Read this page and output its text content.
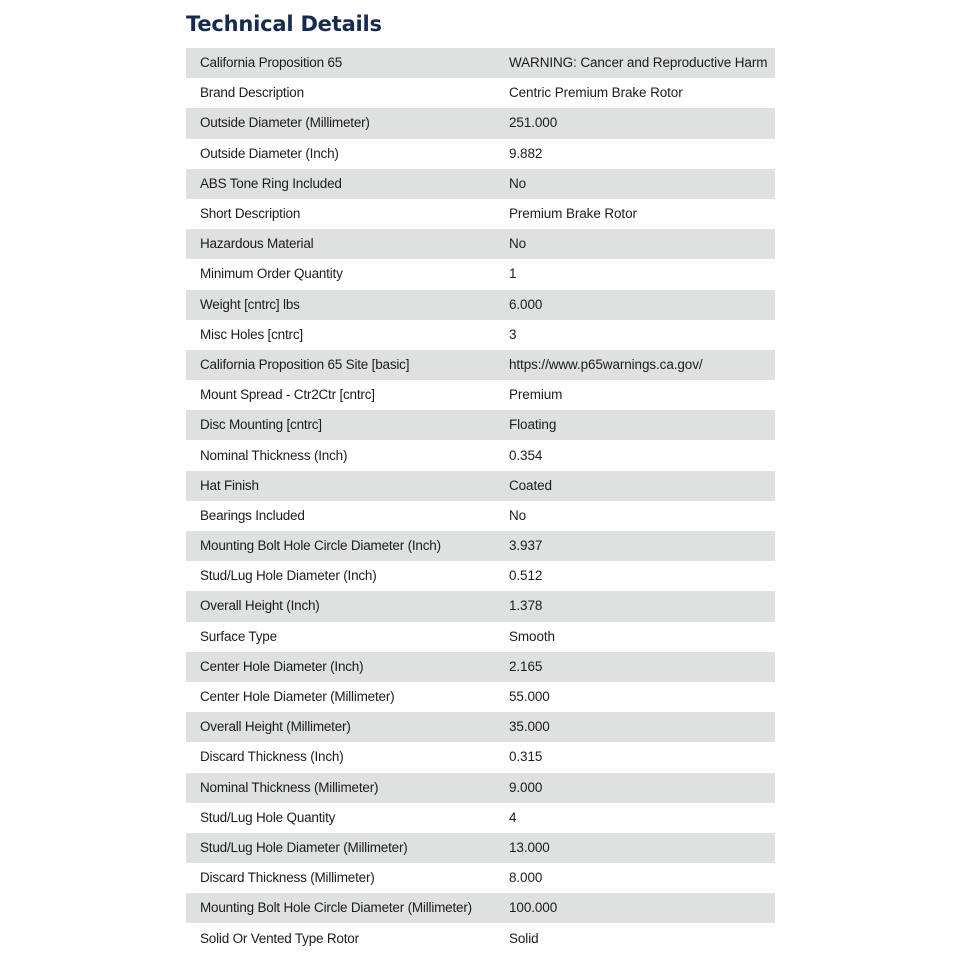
Technical Details
California Proposition 65	WARNING: Cancer and Reproductive Harm
Brand Description	Centric Premium Brake Rotor
Outside Diameter (Millimeter)	251.000
Outside Diameter (Inch)	9.882
ABS Tone Ring Included	No
Short Description	Premium Brake Rotor
Hazardous Material	No
Minimum Order Quantity	1
Weight [cntrc] lbs	6.000
Misc Holes [cntrc]	3
California Proposition 65 Site [basic]	https://www.p65warnings.ca.gov/
Mount Spread - Ctr2Ctr [cntrc]	Premium
Disc Mounting [cntrc]	Floating
Nominal Thickness (Inch)	0.354
Hat Finish	Coated
Bearings Included	No
Mounting Bolt Hole Circle Diameter (Inch)	3.937
Stud/Lug Hole Diameter (Inch)	0.512
Overall Height (Inch)	1.378
Surface Type	Smooth
Center Hole Diameter (Inch)	2.165
Center Hole Diameter (Millimeter)	55.000
Overall Height (Millimeter)	35.000
Discard Thickness (Inch)	0.315
Nominal Thickness (Millimeter)	9.000
Stud/Lug Hole Quantity	4
Stud/Lug Hole Diameter (Millimeter)	13.000
Discard Thickness (Millimeter)	8.000
Mounting Bolt Hole Circle Diameter (Millimeter)	100.000
Solid Or Vented Type Rotor	Solid
